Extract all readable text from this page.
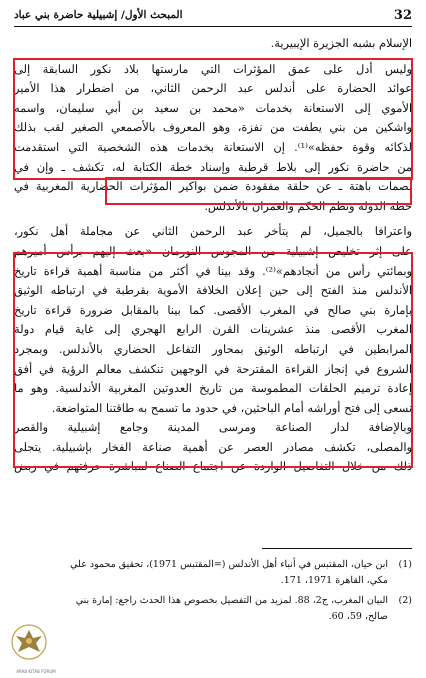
32
المبحث الأول/ إشبيلية حاضرة بني عباد
الإسلام بشبه الجزيرة الإيبيرية.
وليس أدل على عمق المؤثرات التي مارستها بلاد نكور السابقة إلى
عوائد الحضارة على أندلس عبد الرحمن الثاني، من اضطرار هذا الأمير
الأموي إلى الاستعانة بخدمات «محمد بن سعيد بن أبي سليمان، واسمه
واشكين من بني يطفت من نفزة، وهو المعروف بالأصمعي الصغير لقب بذلك
لذكائه وقوة حفظه»⁽¹⁾. إن الاستعانة بخدمات هذه الشخصية التي استقدمت
من حاضرة نكور إلى بلاط قرطبة وإسناد خطة الكتابة له، تكشف ـ وإن في
بصمات باهتة ـ عن حلقة مفقودة ضمن بواكير المؤثرات الحضارية المغربية في
خطة الدولة ونظم الحكم والعمران بالأندلس.
واعترافا بالجميل، لم يتأخر عبد الرحمن الثاني عن مجاملة أهل نكور،
على إثر تخليص إشبيلية من المجوس النورمان «بعث إليهم برأس أميرهم
وبمائتي رأس من أنجادهم»⁽²⁾. وقد بينا في أكثر من مناسبة أهمية قراءة تاريخ
الأندلس منذ الفتح إلى حين إعلان الخلافة الأموية بقرطبة في ارتباطه الوثيق
بإمارة بني صالح في المغرب الأقصى. كما بينا بالمقابل ضرورة قراءة تاريخ
المغرب الأقصى منذ عشرينات القرن الرابع الهجري إلى غاية قيام دولة
المرابطين في ارتباطه الوثيق بمحاور التفاعل الحضاري بالأندلس. وبمجرد
الشروع في إنجاز القراءة المقترحة في الوجهين تنكشف معالم الرؤية في أفق
إعادة ترميم الحلقات المطموسة من تاريخ العدوتين المغربية الأندلسية. وهو ما
نسعى إلى فتح أوراشه أمام الباحثين، في حدود ما تسمح به طاقتنا المتواضعة.
وبالإضافة لدار الصناعة ومرسى المدينة وجامع إشبيلية والقصر
والمصلى، تكشف مصادر العصر عن أهمية صناعة الفخار بإشبيلية. يتجلى
ذلك من خلال التفاصيل الواردة عن اجتماع الصناع لمباشرة حرفتهم في ربض
(1)
ابن حيان، المقتبس في أنباء أهل الأندلس (=المقتبس 1971)، تحقيق محمود علي
مكي، القاهرة 1971، 171.
(2)
البيان المغرب، ج2، 88. لمزيد من التفصيل بخصوص هذا الحدث راجع: إمارة بني
صالح، 59، 60.
ARAB KITAB FORUM
